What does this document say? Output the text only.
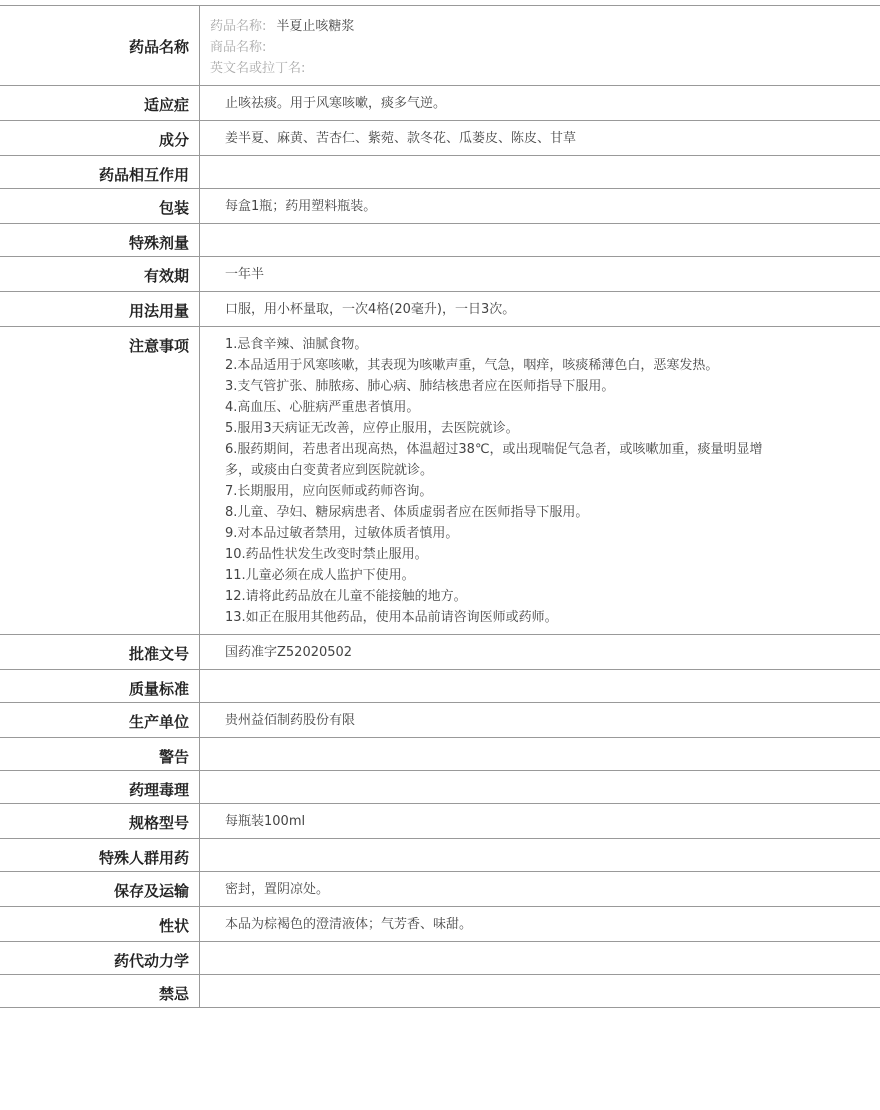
药品名称
药品名称: 半夏止咳糖浆
商品名称:
英文名或拉丁名:
适应症	止咳祛痰。用于风寒咳嗽，痰多气逆。
成分	姜半夏、麻黄、苦杏仁、紫菀、款冬花、瓜蒌皮、陈皮、甘草
药品相互作用
包装	每盒1瓶；药用塑料瓶装。
特殊剂量
有效期	一年半
用法用量	口服，用小杯量取，一次4格(20毫升)，一日3次。
注意事项	1.忌食辛辣、油腻食物。
2.本品适用于风寒咳嗽，其表现为咳嗽声重，气急，咽痒，咳痰稀薄色白，恶寒发热。
3.支气管扩张、肺脓疡、肺心病、肺结核患者应在医师指导下服用。
4.高血压、心脏病严重患者慎用。
5.服用3天病证无改善，应停止服用，去医院就诊。
6.服药期间，若患者出现高热，体温超过38℃，或出现喘促气急者，或咳嗽加重，痰量明显增多，或痰由白变黄者应到医院就诊。
7.长期服用，应向医师或药师咨询。
8.儿童、孕妇、糖尿病患者、体质虚弱者应在医师指导下服用。
9.对本品过敏者禁用，过敏体质者慎用。
10.药品性状发生改变时禁止服用。
11.儿童必须在成人监护下使用。
12.请将此药品放在儿童不能接触的地方。
13.如正在服用其他药品，使用本品前请咨询医师或药师。
批准文号	国药准字Z52020502
质量标准
生产单位	贵州益佰制药股份有限
警告
药理毒理
规格型号	每瓶装100ml
特殊人群用药
保存及运输	密封，置阴凉处。
性状	本品为棕褐色的澄清液体；气芳香、味甜。
药代动力学
禁忌
